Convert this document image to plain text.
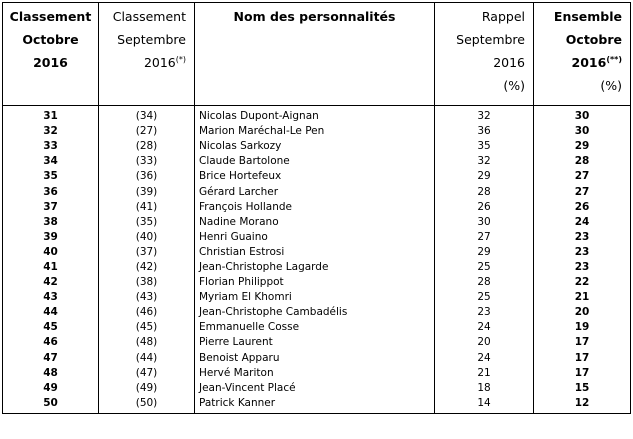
Classement
Octobre
2016	Classement
Septembre
2016(*)	Nom des personnalités	Rappel
Septembre
2016
(%)	Ensemble
Octobre
2016(**)
(%)

31	(34)	Nicolas Dupont-Aignan	32	30
32	(27)	Marion Maréchal-Le Pen	36	30
33	(28)	Nicolas Sarkozy	35	29
34	(33)	Claude Bartolone	32	28
35	(36)	Brice Hortefeux	29	27
36	(39)	Gérard Larcher	28	27
37	(41)	François Hollande	26	26
38	(35)	Nadine Morano	30	24
39	(40)	Henri Guaino	27	23
40	(37)	Christian Estrosi	29	23
41	(42)	Jean-Christophe Lagarde	25	23
42	(38)	Florian Philippot	28	22
43	(43)	Myriam El Khomri	25	21
44	(46)	Jean-Christophe Cambadélis	23	20
45	(45)	Emmanuelle Cosse	24	19
46	(48)	Pierre Laurent	20	17
47	(44)	Benoist Apparu	24	17
48	(47)	Hervé Mariton	21	17
49	(49)	Jean-Vincent Placé	18	15
50	(50)	Patrick Kanner	14	12
